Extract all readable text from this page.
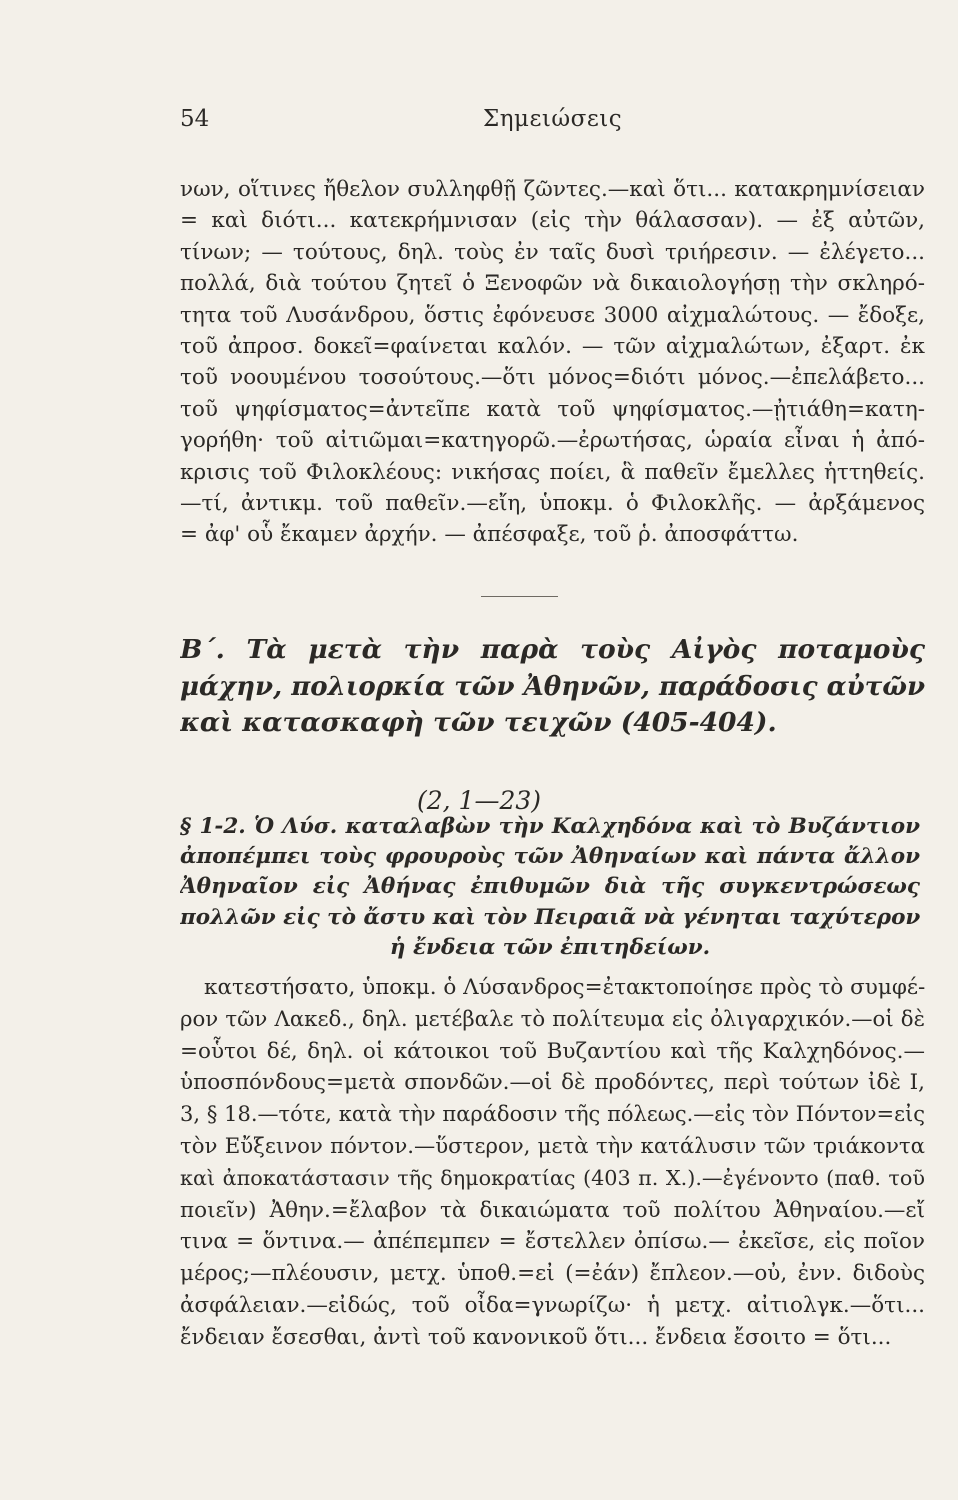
54	Σημειώσεις
νων, οἵτινες ἤθελον συλληφθῇ ζῶντες.—καὶ ὅτι... κατακρημνίσειαν
= καὶ διότι... κατεκρήμνισαν (εἰς τὴν θάλασσαν). — ἐξ αὐτῶν,
τίνων; — τούτους, δηλ. τοὺς ἐν ταῖς δυσὶ τριήρεσιν. — ἐλέγετο...
πολλά, διὰ τούτου ζητεῖ ὁ Ξενοφῶν νὰ δικαιολογήσῃ τὴν σκληρό-
τητα τοῦ Λυσάνδρου, ὅστις ἐφόνευσε 3000 αἰχμαλώτους. — ἔδοξε,
τοῦ ἀπροσ. δοκεῖ=φαίνεται καλόν. — τῶν αἰχμαλώτων, ἐξαρτ. ἐκ
τοῦ νοουμένου τοσούτους.—ὅτι μόνος=διότι μόνος.—ἐπελάβετο...
τοῦ ψηφίσματος=ἀντεῖπε κατὰ τοῦ ψηφίσματος.—ᾐτιάθη=κατη-
γορήθη· τοῦ αἰτιῶμαι=κατηγορῶ.—ἐρωτήσας, ὡραία εἶναι ἡ ἀπό-
κρισις τοῦ Φιλοκλέους: νικήσας ποίει, ἃ παθεῖν ἔμελλες ἡττηθείς.
—τί, ἀντικμ. τοῦ παθεῖν.—εἴη, ὑποκμ. ὁ Φιλοκλῆς. — ἀρξάμενος
= ἀφ' οὗ ἔκαμεν ἀρχήν. — ἀπέσφαξε, τοῦ ῥ. ἀποσφάττω.
Β΄. Τὰ μετὰ τὴν παρὰ τοὺς Αἰγὸς ποταμοὺς
μάχην, πολιορκία τῶν Ἀθηνῶν, παράδοσις αὐτῶν
καὶ κατασκαφὴ τῶν τειχῶν (405-404).
(2, 1—23)
§ 1-2. Ὁ Λύσ. καταλαβὼν τὴν Καλχηδόνα καὶ τὸ Βυζάντιον
ἀποπέμπει τοὺς φρουροὺς τῶν Ἀθηναίων καὶ πάντα ἄλλον
Ἀθηναῖον εἰς Ἀθήνας ἐπιθυμῶν διὰ τῆς συγκεντρώσεως
πολλῶν εἰς τὸ ἄστυ καὶ τὸν Πειραιᾶ νὰ γένηται ταχύτερον
ἡ ἔνδεια τῶν ἐπιτηδείων.
κατεστήσατο, ὑποκμ. ὁ Λύσανδρος=ἐτακτοποίησε πρὸς τὸ συμφέ-
ρον τῶν Λακεδ., δηλ. μετέβαλε τὸ πολίτευμα εἰς ὀλιγαρχικόν.—οἱ δὲ
=οὗτοι δέ, δηλ. οἱ κάτοικοι τοῦ Βυζαντίου καὶ τῆς Καλχηδόνος.—
ὑποσπόνδους=μετὰ σπονδῶν.—οἱ δὲ προδόντες, περὶ τούτων ἰδὲ Ι,
3, § 18.—τότε, κατὰ τὴν παράδοσιν τῆς πόλεως.—εἰς τὸν Πόντον=εἰς
τὸν Εὔξεινον πόντον.—ὕστερον, μετὰ τὴν κατάλυσιν τῶν τριάκοντα
καὶ ἀποκατάστασιν τῆς δημοκρατίας (403 π. Χ.).—ἐγένοντο (παθ. τοῦ
ποιεῖν) Ἀθην.=ἔλαβον τὰ δικαιώματα τοῦ πολίτου Ἀθηναίου.—εἴ
τινα = ὅντινα.— ἀπέπεμπεν = ἔστελλεν ὀπίσω.— ἐκεῖσε, εἰς ποῖον
μέρος;—πλέουσιν, μετχ. ὑποθ.=εἰ (=ἐάν) ἔπλεον.—οὐ, ἐνν. διδοὺς
ἀσφάλειαν.—εἰδώς, τοῦ οἶδα=γνωρίζω· ἡ μετχ. αἰτιολγκ.—ὅτι...
ἔνδειαν ἔσεσθαι, ἀντὶ τοῦ κανονικοῦ ὅτι... ἔνδεια ἔσοιτο = ὅτι...
